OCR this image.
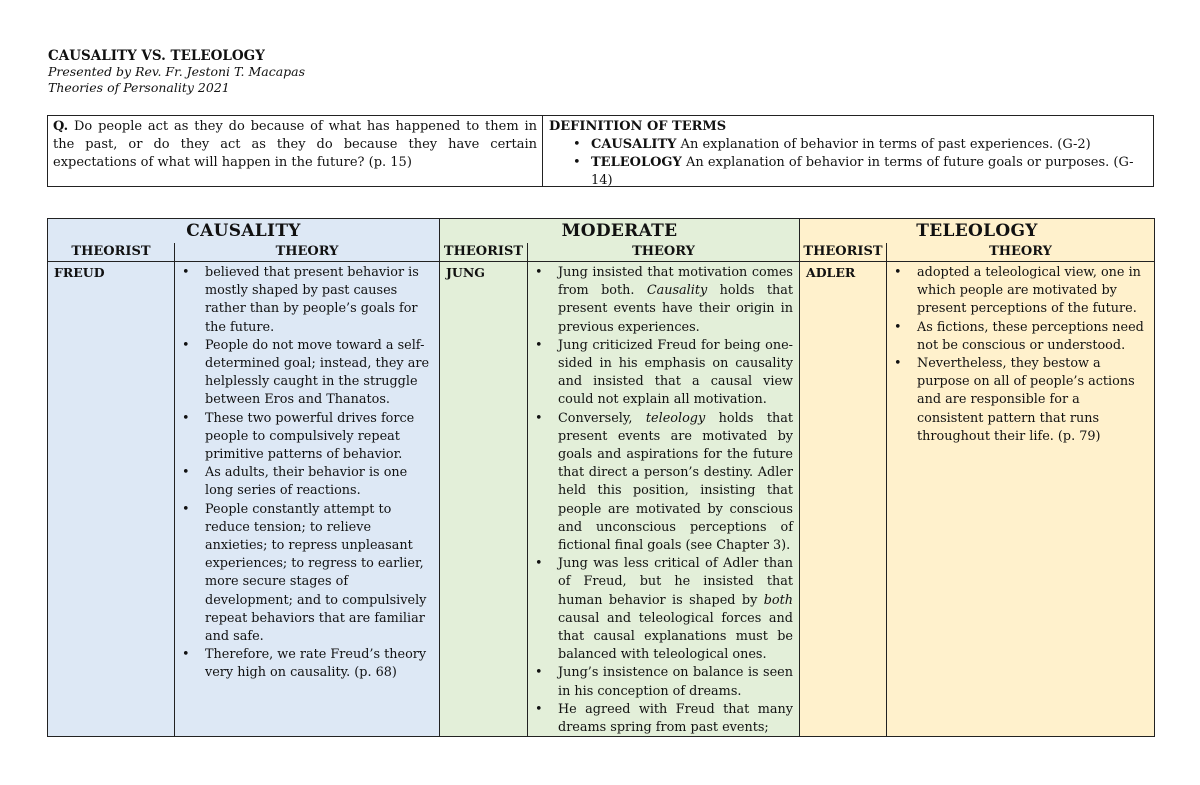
CAUSALITY VS. TELEOLOGY
Presented by Rev. Fr. Jestoni T. Macapas
Theories of Personality 2021
Q. Do people act as they do because of what has happened to them in the past, or do they act as they do because they have certain expectations of what will happen in the future? (p. 15)
DEFINITION OF TERMS
• CAUSALITY An explanation of behavior in terms of past experiences. (G-2)
• TELEOLOGY An explanation of behavior in terms of future goals or purposes. (G-14)
CAUSALITY
THEORIST	THEORY
FREUD	• believed that present behavior is mostly shaped by past causes rather than by people’s goals for the future.
• People do not move toward a self-determined goal; instead, they are helplessly caught in the struggle between Eros and Thanatos.
• These two powerful drives force people to compulsively repeat primitive patterns of behavior.
• As adults, their behavior is one long series of reactions.
• People constantly attempt to reduce tension; to relieve anxieties; to repress unpleasant experiences; to regress to earlier, more secure stages of development; and to compulsively repeat behaviors that are familiar and safe.
• Therefore, we rate Freud’s theory very high on causality. (p. 68)
MODERATE
THEORIST	THEORY
JUNG	• Jung insisted that motivation comes from both. Causality holds that present events have their origin in previous experiences.
• Jung criticized Freud for being one-sided in his emphasis on causality and insisted that a causal view could not explain all motivation.
• Conversely, teleology holds that present events are motivated by goals and aspirations for the future that direct a person’s destiny. Adler held this position, insisting that people are motivated by conscious and unconscious perceptions of fictional final goals (see Chapter 3).
• Jung was less critical of Adler than of Freud, but he insisted that human behavior is shaped by both causal and teleological forces and that causal explanations must be balanced with teleological ones.
• Jung’s insistence on balance is seen in his conception of dreams.
• He agreed with Freud that many dreams spring from past events;
TELEOLOGY
THEORIST	THEORY
ADLER	• adopted a teleological view, one in which people are motivated by present perceptions of the future.
• As fictions, these perceptions need not be conscious or understood.
• Nevertheless, they bestow a purpose on all of people’s actions and are responsible for a consistent pattern that runs throughout their life. (p. 79)
